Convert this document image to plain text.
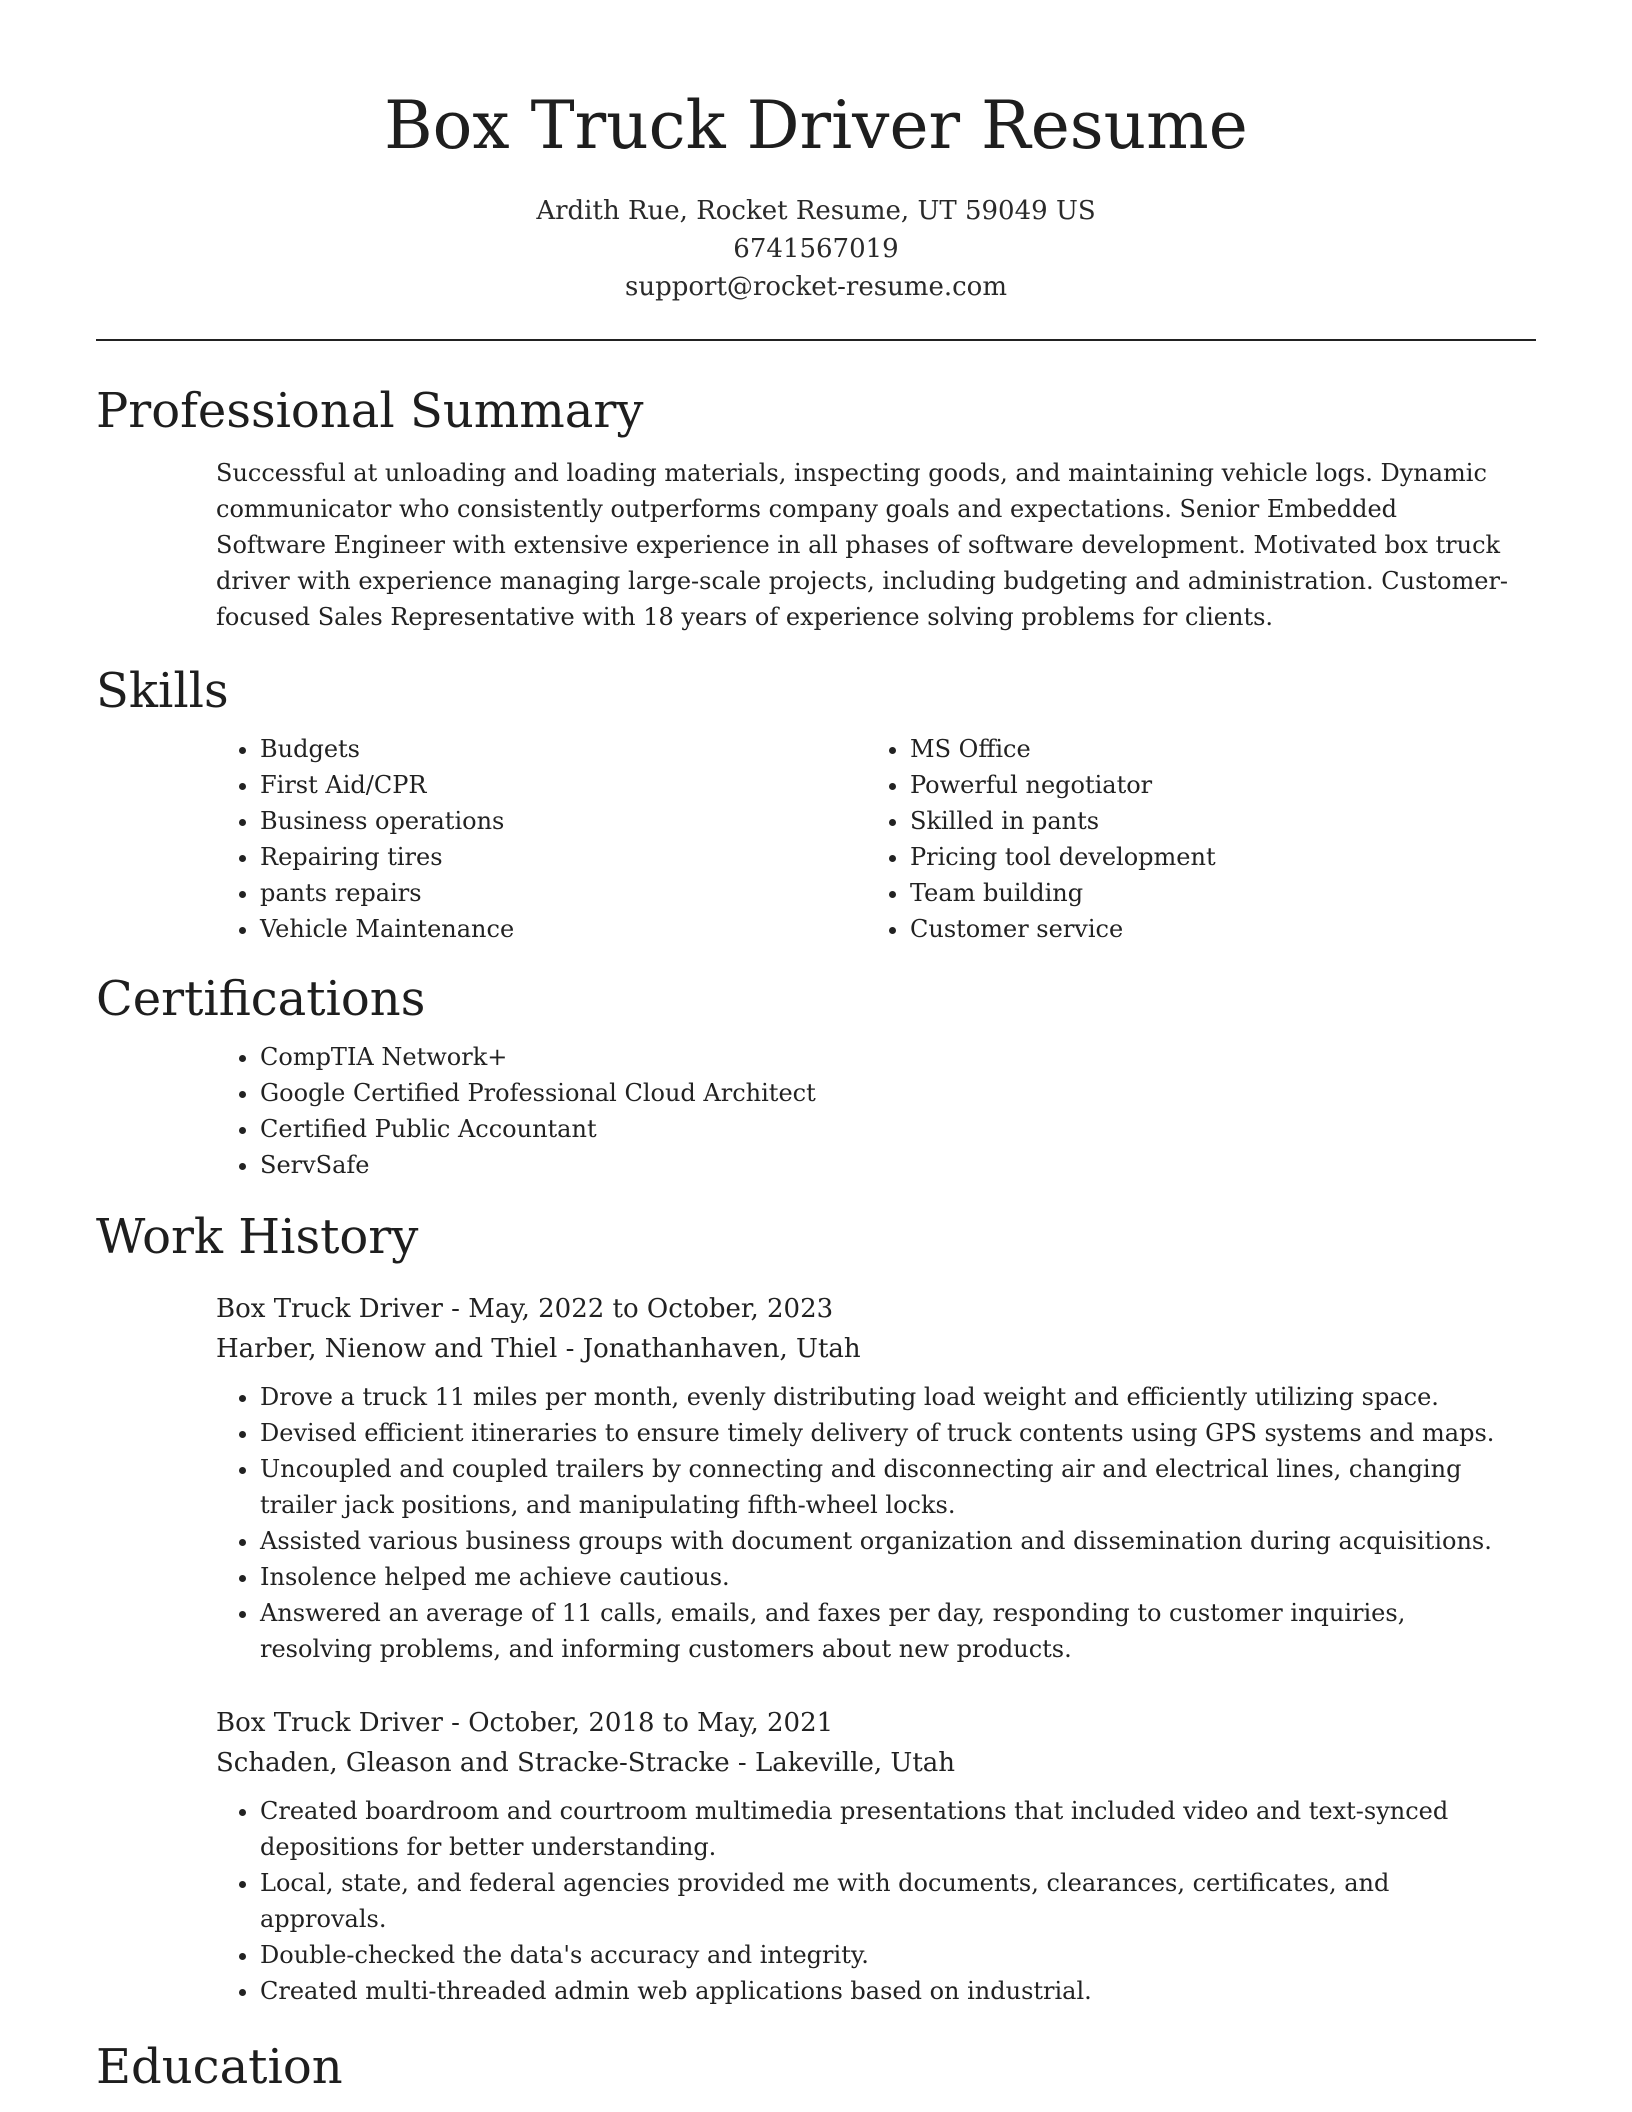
Box Truck Driver Resume
Ardith Rue, Rocket Resume, UT 59049 US
6741567019
support@rocket-resume.com
Professional Summary

Successful at unloading and loading materials, inspecting goods, and maintaining vehicle logs. Dynamic communicator who consistently outperforms company goals and expectations. Senior Embedded Software Engineer with extensive experience in all phases of software development. Motivated box truck driver with experience managing large-scale projects, including budgeting and administration. Customer-focused Sales Representative with 18 years of experience solving problems for clients.

Skills
• Budgets
• First Aid/CPR
• Business operations
• Repairing tires
• pants repairs
• Vehicle Maintenance
• MS Office
• Powerful negotiator
• Skilled in pants
• Pricing tool development
• Team building
• Customer service
Certifications
• CompTIA Network+
• Google Certified Professional Cloud Architect
• Certified Public Accountant
• ServSafe
Work History
Box Truck Driver - May, 2022 to October, 2023
Harber, Nienow and Thiel - Jonathanhaven, Utah
• Drove a truck 11 miles per month, evenly distributing load weight and efficiently utilizing space.
• Devised efficient itineraries to ensure timely delivery of truck contents using GPS systems and maps.
• Uncoupled and coupled trailers by connecting and disconnecting air and electrical lines, changing trailer jack positions, and manipulating fifth-wheel locks.
• Assisted various business groups with document organization and dissemination during acquisitions.
• Insolence helped me achieve cautious.
• Answered an average of 11 calls, emails, and faxes per day, responding to customer inquiries, resolving problems, and informing customers about new products.
Box Truck Driver - October, 2018 to May, 2021
Schaden, Gleason and Stracke-Stracke - Lakeville, Utah
• Created boardroom and courtroom multimedia presentations that included video and text-synced depositions for better understanding.
• Local, state, and federal agencies provided me with documents, clearances, certificates, and approvals.
• Double-checked the data's accuracy and integrity.
• Created multi-threaded admin web applications based on industrial.
Education
